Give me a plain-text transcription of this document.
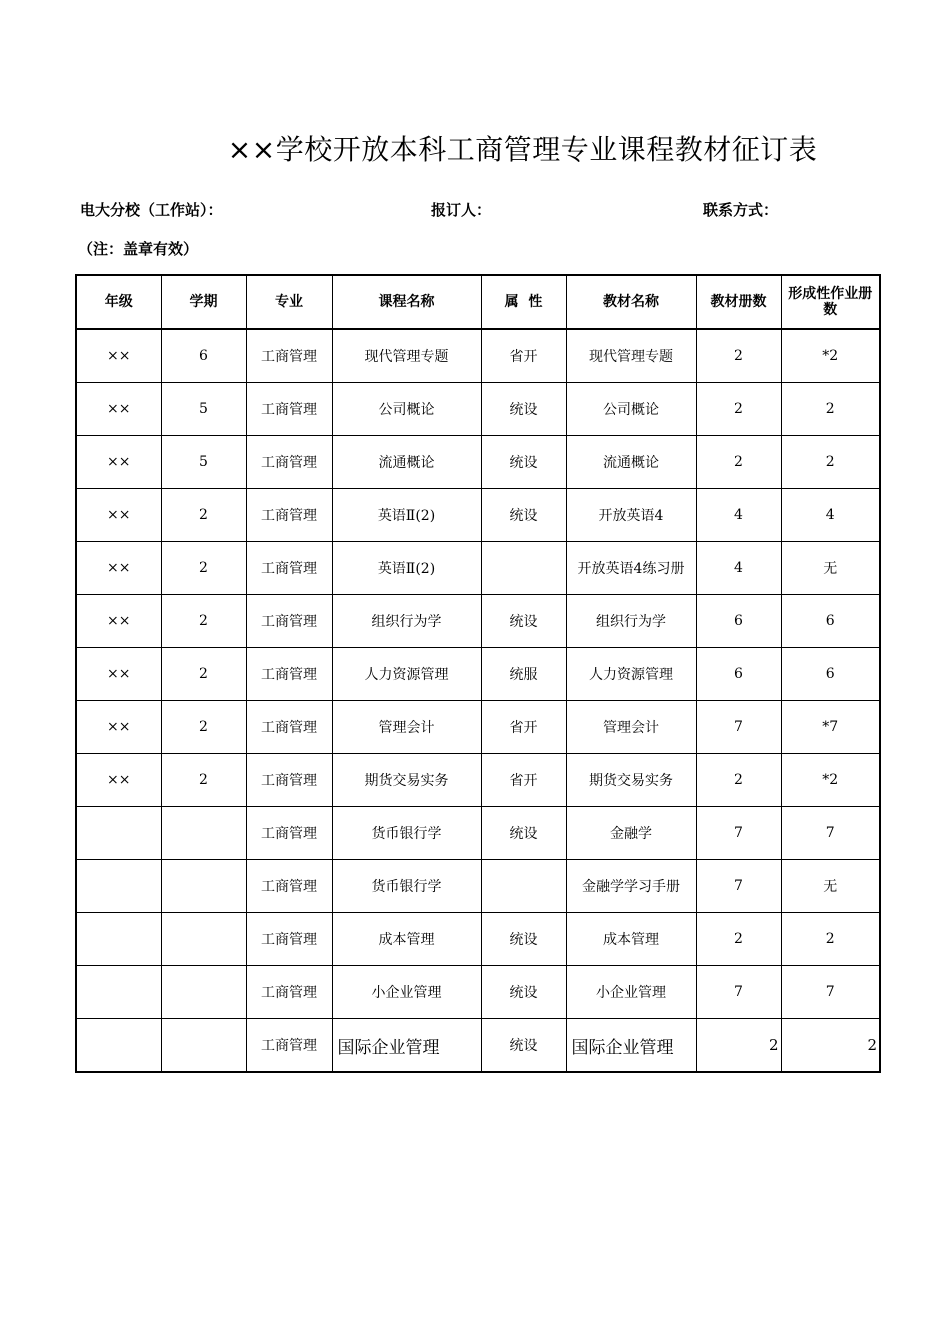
××学校开放本科工商管理专业课程教材征订表
电大分校（工作站）：	报订人：	联系方式：
（注：盖章有效）
年级	学期	专业	课程名称	属  性	教材名称	教材册数	形成性作业册数
××	6	工商管理	现代管理专题	省开	现代管理专题	2	*2
××	5	工商管理	公司概论	统设	公司概论	2	2
××	5	工商管理	流通概论	统设	流通概论	2	2
××	2	工商管理	英语Ⅱ(2)	统设	开放英语4	4	4
××	2	工商管理	英语Ⅱ(2)		开放英语4练习册	4	无
××	2	工商管理	组织行为学	统设	组织行为学	6	6
××	2	工商管理	人力资源管理	统服	人力资源管理	6	6
××	2	工商管理	管理会计	省开	管理会计	7	*7
××	2	工商管理	期货交易实务	省开	期货交易实务	2	*2
		工商管理	货币银行学	统设	金融学	7	7
		工商管理	货币银行学		金融学学习手册	7	无
		工商管理	成本管理	统设	成本管理	2	2
		工商管理	小企业管理	统设	小企业管理	7	7
		工商管理	国际企业管理	统设	国际企业管理	2	2
